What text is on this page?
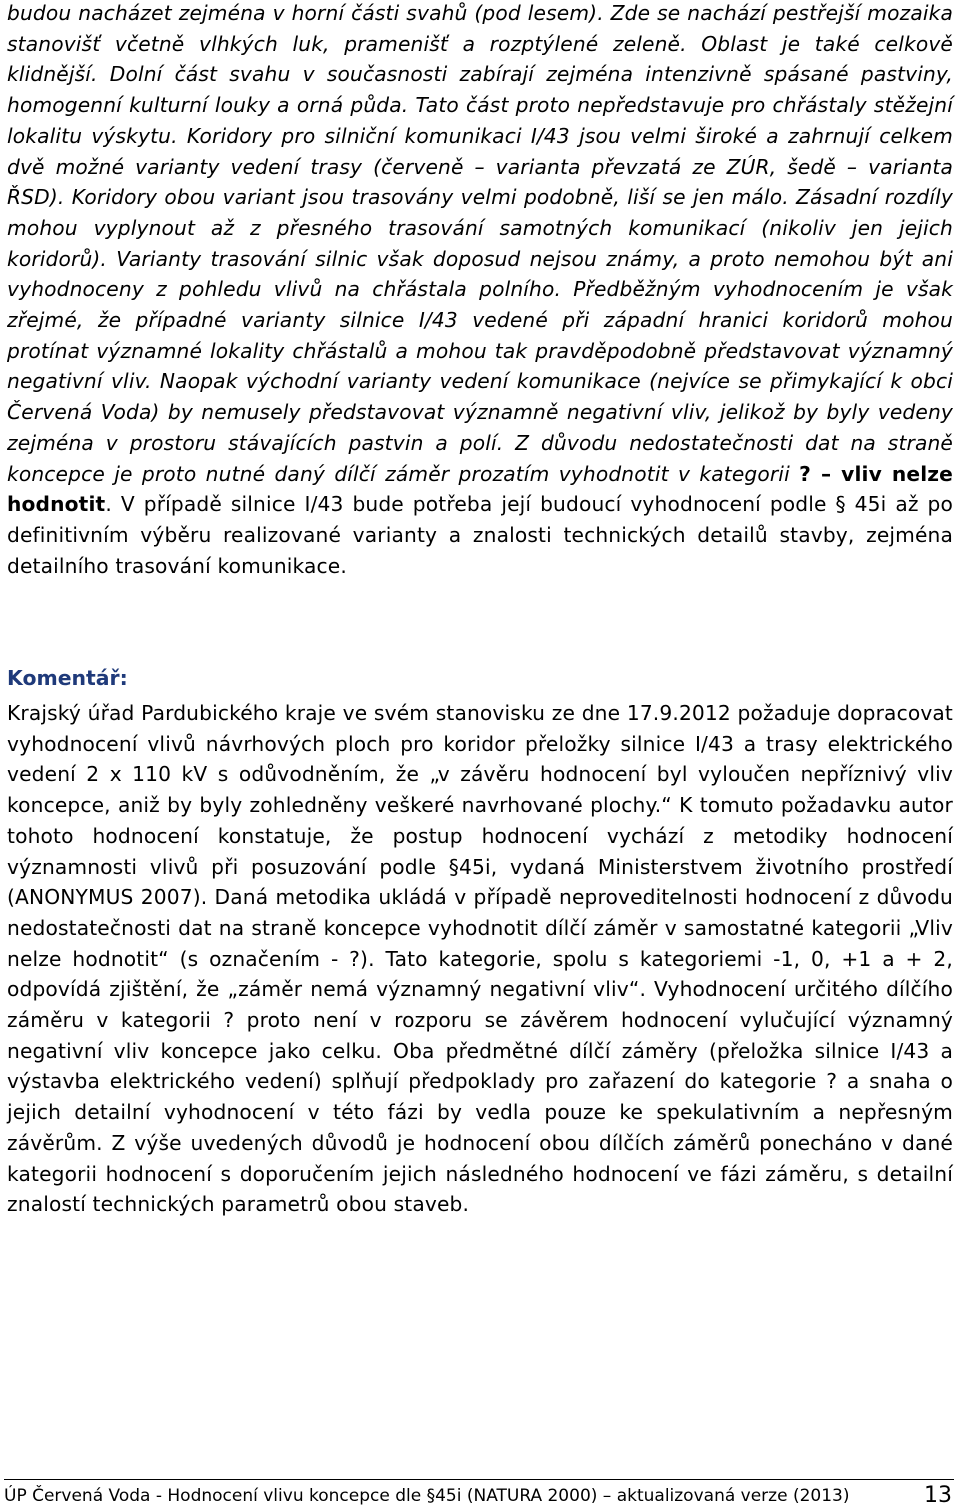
budou nacházet zejména v horní části svahů (pod lesem). Zde se nachází pestřejší mozaika stanovišť včetně vlhkých luk, pramenišť a rozptýlené zeleně. Oblast je také celkově klidnější. Dolní část svahu v současnosti zabírají zejména intenzivně spásané pastviny, homogenní kulturní louky a orná půda. Tato část proto nepředstavuje pro chřástaly stěžejní lokalitu výskytu. Koridory pro silniční komunikaci I/43 jsou velmi široké a zahrnují celkem dvě možné varianty vedení trasy (červeně – varianta převzatá ze ZÚR, šedě – varianta ŘSD). Koridory obou variant jsou trasovány velmi podobně, liší se jen málo. Zásadní rozdíly mohou vyplynout až z přesného trasování samotných komunikací (nikoliv jen jejich koridorů). Varianty trasování silnic však doposud nejsou známy, a proto nemohou být ani vyhodnoceny z pohledu vlivů na chřástala polního. Předběžným vyhodnocením je však zřejmé, že případné varianty silnice I/43 vedené při západní hranici koridorů mohou protínat významné lokality chřástalů a mohou tak pravděpodobně představovat významný negativní vliv. Naopak východní varianty vedení komunikace (nejvíce se přimykající k obci Červená Voda) by nemusely představovat významně negativní vliv, jelikož by byly vedeny zejména v prostoru stávajících pastvin a polí. Z důvodu nedostatečnosti dat na straně koncepce je proto nutné daný dílčí záměr prozatím vyhodnotit v kategorii ? – vliv nelze hodnotit. V případě silnice I/43 bude potřeba její budoucí vyhodnocení podle § 45i až po definitivním výběru realizované varianty a znalosti technických detailů stavby, zejména detailního trasování komunikace.

Komentář:

Krajský úřad Pardubického kraje ve svém stanovisku ze dne 17.9.2012 požaduje dopracovat vyhodnocení vlivů návrhových ploch pro koridor přeložky silnice I/43 a trasy elektrického vedení 2 x 110 kV s odůvodněním, že „v závěru hodnocení byl vyloučen nepříznivý vliv koncepce, aniž by byly zohledněny veškeré navrhované plochy.“ K tomuto požadavku autor tohoto hodnocení konstatuje, že postup hodnocení vychází z metodiky hodnocení významnosti vlivů při posuzování podle §45i, vydaná Ministerstvem životního prostředí (ANONYMUS 2007). Daná metodika ukládá v případě neproveditelnosti hodnocení z důvodu nedostatečnosti dat na straně koncepce vyhodnotit dílčí záměr v samostatné kategorii „Vliv nelze hodnotit“ (s označením - ?). Tato kategorie, spolu s kategoriemi -1, 0, +1 a + 2, odpovídá zjištění, že „záměr nemá významný negativní vliv“. Vyhodnocení určitého dílčího záměru v kategorii ? proto není v rozporu se závěrem hodnocení vylučující významný negativní vliv koncepce jako celku. Oba předmětné dílčí záměry (přeložka silnice I/43 a výstavba elektrického vedení) splňují předpoklady pro zařazení do kategorie ? a snaha o jejich detailní vyhodnocení v této fázi by vedla pouze ke spekulativním a nepřesným závěrům. Z výše uvedených důvodů je hodnocení obou dílčích záměrů ponecháno v dané kategorii hodnocení s doporučením jejich následného hodnocení ve fázi záměru, s detailní znalostí technických parametrů obou staveb.

ÚP Červená Voda - Hodnocení vlivu koncepce dle §45i (NATURA 2000) – aktualizovaná verze (2013)	13
